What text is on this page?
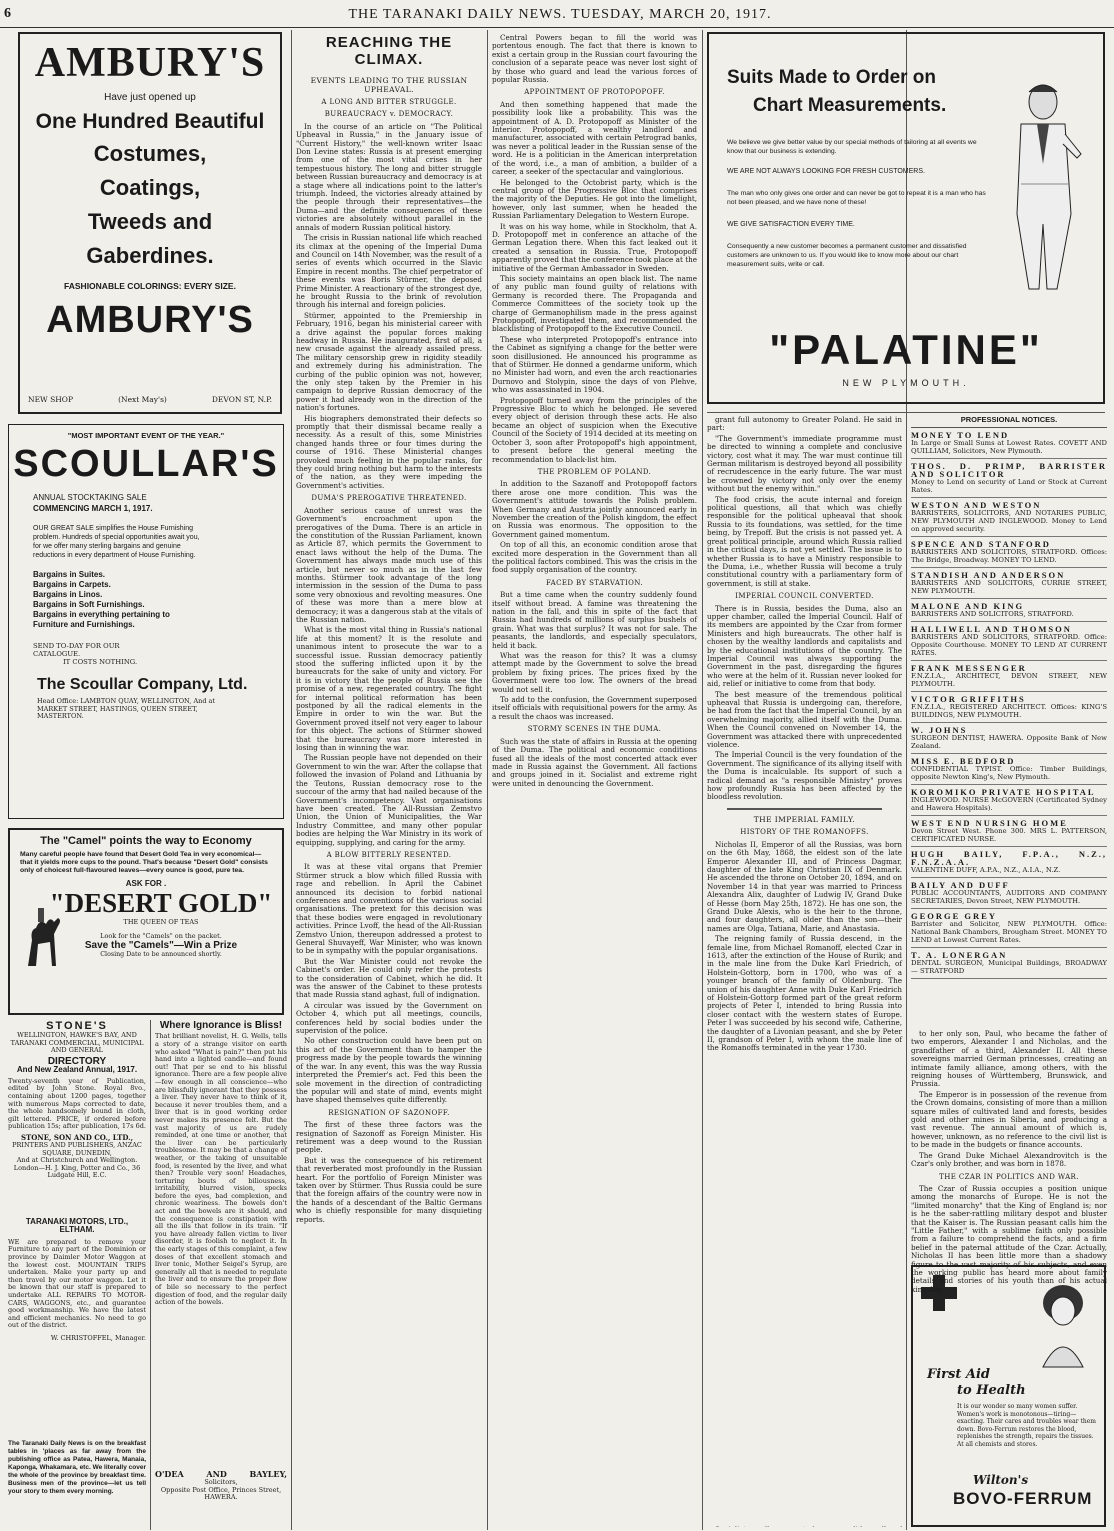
6	THE TARANAKI DAILY NEWS. TUESDAY, MARCH 20, 1917.
AMBURY'S
Have just opened up
One Hundred Beautiful
Costumes,
Coatings,
Tweeds and
Gaberdines.
FASHIONABLE COLORINGS: EVERY SIZE.
AMBURY'S
NEW SHOP	(Next May's)	DEVON ST, N.P.
"MOST IMPORTANT EVENT OF THE YEAR."
SCOULLAR'S
ANNUAL STOCKTAKING SALE
COMMENCING MARCH 1, 1917.
OUR GREAT SALE simplifies the House Furnishing problem. Hundreds of special opportunities await you, for we offer many sterling bargains and genuine reductions in every department of House Furnishing.
Bargains in Suites.
Bargains in Carpets.
Bargains in Linos.
Bargains in Soft Furnishings.
Bargains in everything pertaining to Furniture and Furnishings.
SEND TO-DAY FOR OUR CATALOGUE.
IT COSTS NOTHING.
The Scoullar Company, Ltd.
Head Office: LAMBTON QUAY, WELLINGTON, And at MARKET STREET, HASTINGS, QUEEN STREET, MASTERTON.
The "Camel" points the way to Economy
Many careful people have found that Desert Gold Tea in very economical—that it yields more cups to the pound. That's because "Desert Gold" consists only of choicest full-flavoured leaves—every ounce is good, pure tea.
ASK FOR .
"DESERT GOLD"
THE QUEEN OF TEAS
Look for the "Camels" on the packet.
Save the "Camels"—Win a Prize
Closing Date to be announced shortly.
STONE'S
WELLINGTON, HAWKE'S BAY, AND TARANAKI COMMERCIAL, MUNICIPAL AND GENERAL
DIRECTORY
And New Zealand Annual, 1917.
Twenty-seventh year of Publication, edited by John Stone. Royal 8vo., containing about 1200 pages, together with numerous Maps corrected to date, the whole handsomely bound in cloth, gilt lettered. PRICE, if ordered before publication 15s; after publication, 17s 6d.
STONE, SON AND CO., LTD.,
PRINTERS AND PUBLISHERS, ANZAC SQUARE, DUNEDIN,
And at Christchurch and Wellington. London—H. J. King, Potter and Co., 36 Ludgate Hill, E.C.
TARANAKI MOTORS, LTD.,
ELTHAM.
WE are prepared to remove your Furniture to any part of the Dominion or province by Daimler Motor Waggon at the lowest cost. MOUNTAIN TRIPS undertaken. Make your party up and then travel by our motor waggon. Let it be known that our staff is prepared to undertake ALL REPAIRS TO MOTOR-CARS, WAGGONS, etc., and guarantee good workmanship. We have the latest and efficient mechanics. No need to go out of the district.
W. CHRISTOFFEL, Manager.
The Taranaki Daily News is on the breakfast tables in 'places as far away from the publishing office as Patea, Hawera, Manaia, Kaponga, Whakamara, etc. We literally cover the whole of the province by breakfast time. Business men of the province—let us tell your story to them every morning.
Where Ignorance is Bliss!
That brilliant novelist, H. G. Wells, tells a story of a strange visitor on earth who asked "What is pain?" then put his hand into a lighted candle—and found out! That per se end to his blissful ignorance. There are a few people alive—few enough in all conscience—who are blissfully ignorant that they possess a liver. They never have to think of it, because it never troubles them, and a liver that is in good working order never makes its presence felt. But the vast majority of us are rudely reminded, at one time or another, that the liver can be particularly troublesome. It may be that a change of weather, or the taking of unsuitable food, is resented by the liver, and what then? Trouble very soon! Headaches, torturing bouts of biliousness, irritability, blurred vision, specks before the eyes, bad complexion, and chronic weariness. The bowels don't act and the bowels are it should, and the consequence is constipation with all the ills that follow in its train. "If you have already fallen victim to liver disorder, it is foolish to neglect it. In the early stages of this complaint, a few doses of that excellent stomach and liver tonic, Mother Seigel's Syrup, are generally all that is needed to regulate the liver and to ensure the proper flow of bile so necessary to the perfect digestion of food, and the regular daily action of the bowels.
O'DEA	AND	BAYLEY,
Solicitors,
Opposite Post Office, Princes Street, HAWERA.
REACHING THE
CLIMAX.
EVENTS LEADING TO THE RUSSIAN UPHEAVAL.
A LONG AND BITTER STRUGGLE.
BUREAUCRACY v. DEMOCRACY.

In the course of an article on "The Political Upheaval in Russia," in the January issue of "Current History," the well-known writer Isaac Don Levine states: Russia is at present emerging from one of the most vital crises in her tempestuous history. The long and bitter struggle between Russian bureaucracy and democracy is at a stage where all indications point to the latter's triumph. Indeed, the victories already attained by the people through their representatives—the Duma—and the definite consequences of these victories are absolutely without parallel in the annals of modern Russian political history.

The crisis in Russian national life which reached its climax at the opening of the Imperial Duma and Council on 14th November, was the result of a series of events which occurred in the Slavic Empire in recent months. The chief perpetrator of these events was Boris Stürmer, the deposed Prime Minister. A reactionary of the strongest dye, he brought Russia to the brink of revolution through his internal and foreign policies.

Stürmer, appointed to the Premiership in February, 1916, began his ministerial career with a drive against the popular forces making headway in Russia. He inaugurated, first of all, a new crusade against the already assailed press. The military censorship grew in rigidity steadily and extremely during his administration. The curbing of the public opinion was not, however, the only step taken by the Premier in his campaign to deprive Russian democracy of the power it had already won in the direction of the nation's fortunes.

His biographers demonstrated their defects so promptly that their dismissal became really a necessity. As a result of this, some Ministries changed hands three or four times during the course of 1916. These Ministerial changes provoked much feeling in the popular ranks, for they could bring nothing but harm to the interests of the nation, as they were impeding the Government's activities.

DUMA'S PREROGATIVE THREATENED.

Another serious cause of unrest was the Government's encroachment upon the prerogatives of the Duma. There is an article in the constitution of the Russian Parliament, known as Article 87, which permits the Government to enact laws without the help of the Duma. The Government has always made much use of this article, but never so much as in the last few months. Stürmer took advantage of the long intermission in the session of the Duma to pass some very obnoxious and revolting measures. One of these was more than a mere blow at democracy; it was a dangerous stab at the vitals of the Russian nation.

What is the most vital thing in Russia's national life at this moment? It is the resolute and unanimous intent to prosecute the war to a successful issue. Russian democracy patiently stood the suffering inflicted upon it by the bureaucrats for the sake of unity and victory. For it is in victory that the people of Russia see the promise of a new, regenerated country. The fight for internal political reformation has been postponed by all the radical elements in the Empire in order to win the war. But the Government proved itself not very eager to labour for this object. The actions of Stürmer showed that the bureaucracy was more interested in losing than in winning the war.

The Russian people have not depended on their Government to win the war. After the collapse that followed the invasion of Poland and Lithuania by the Teutons, Russian democracy rose to the succour of the army that had nailed because of the Government's incompetency. Vast organisations have been created. The All-Russian Zemstvo Union, the Union of Municipalities, the War Industry Committee, and many other popular bodies are helping the War Ministry in its work of equipping, supplying, and caring for the army.

A BLOW BITTERLY RESENTED.

It was at these vital organs that Premier Stürmer struck a blow which filled Russia with rage and rebellion. In April the Cabinet announced its decision to forbid national conferences and conventions of the various social organisations. The pretext for this decision was that these bodies were engaged in revolutionary activities. Prince Lvoff, the head of the All-Russian Zemstvo Union, thereupon addressed a protest to General Shuvayeff, War Minister, who was known to be in sympathy with the popular organisations.

But the War Minister could not revoke the Cabinet's order. He could only refer the protests to the consideration of Cabinet, which he did. It was the answer of the Cabinet to these protests that made Russia stand aghast, full of indignation.

A circular was issued by the Government on October 4, which put all meetings, councils, conferences held by social bodies under the supervision of the police.

No other construction could have been put on this act of the Government than to hamper the progress made by the people towards the winning of the war. In any event, this was the way Russia interpreted the Premier's act. Fed this been the sole movement in the direction of contradicting the popular will and state of mind, events might have shaped themselves quite differently.

RESIGNATION OF SAZONOFF.

The first of these three factors was the resignation of Sazonoff as Foreign Minister. His retirement was a deep wound to the Russian people.

But it was the consequence of his retirement that reverberated most profoundly in the Russian heart. For the portfolio of Foreign Minister was taken over by Stürmer. Thus Russia could be sure that the foreign affairs of the country were now in the hands of a descendant of the Baltic Germans who is chiefly responsible for many disquieting reports.

Central Powers began to fill the world was portentous enough. The fact that there is known to exist a certain group in the Russian court favouring the conclusion of a separate peace was never lost sight of by those who guard and lead the various forces of popular Russia.

APPOINTMENT OF PROTOPOPOFF.

And then something happened that made the possibility look like a probability. This was the appointment of A. D. Protopopoff as Minister of the Interior. Protopopoff, a wealthy landlord and manufacturer, associated with certain Petrograd banks, was never a political leader in the Russian sense of the word. He is a politician in the American interpretation of the word, i.e., a man of ambition, a builder of a career, a seeker of the spectacular and vainglorious.

He belonged to the Octobrist party, which is the central group of the Progressive Bloc that comprises the majority of the Deputies. He got into the limelight, however, only last summer, when he headed the Russian Parliamentary Delegation to Western Europe.

It was on his way home, while in Stockholm, that A. D. Protopopoff met in conference an attache of the German Legation there. When this fact leaked out it created a sensation in Russia. True, Protopopoff apparently proved that the conference took place at the initiative of the German Ambassador in Sweden.

This society maintains an open black list. The name of any public man found guilty of relations with Germany is recorded there. The Propaganda and Commerce Committees of the society took up the charge of Germanophilism made in the press against Protopopoff, investigated them, and recommended the blacklisting of Protopopoff to the Executive Council.

These who interpreted Protopopoff's entrance into the Cabinet as signifying a change for the better were soon disillusioned. He announced his programme as that of Stürmer. He donned a gendarme uniform, which no Minister had worn, and even the arch reactionaries Durnovo and Stolypin, since the days of von Plehve, who was assassinated in 1904.

Protopopoff turned away from the principles of the Progressive Bloc to which he belonged. He severed every object of derision through these acts. He also became an object of suspicion when the Executive Council of the Society of 1914 decided at its meeting on October 3, soon after Protopopoff's high appointment, to present before the general meeting the recommendation to black-list him.

THE PROBLEM OF POLAND.

In addition to the Sazanoff and Protopopoff factors there arose one more condition. This was the Government's attitude towards the Polish problem. When Germany and Austria jointly announced early in November the creation of the Polish kingdom, the effect on Russia was enormous. The opposition to the Government gained momentum.

On top of all this, an economic condition arose that excited more desperation in the Government than all the political factors combined. This was the crisis in the food supply organisation of the country.

FACED BY STARVATION.

But a time came when the country suddenly found itself without bread. A famine was threatening the nation in the fall, and this in spite of the fact that Russia had hundreds of millions of surplus bushels of grain. What was that surplus? It was not for sale. The peasants, the landlords, and especially speculators, held it back.

What was the reason for this? It was a clumsy attempt made by the Government to solve the bread problem by fixing prices. The prices fixed by the Government were too low. The owners of the bread would not sell it.

To add to the confusion, the Government superposed itself officials with requisitional powers for the army. As a result the chaos was increased.

STORMY SCENES IN THE DUMA.

Such was the state of affairs in Russia at the opening of the Duma. The political and economic conditions fused all the ideals of the most concerted attack ever made in Russia against the Government. All factions and groups joined in it. Socialist and extreme right were united in denouncing the Government.

Suits Made to Order on
Chart Measurements.
We believe we give better value by our special methods of tailoring at all events we know that our business is extending.
WE ARE NOT ALWAYS LOOKING FOR FRESH CUSTOMERS.
The man who only gives one order and can never be got to repeat it is a man who has not been pleased, and we have none of these!
WE GIVE SATISFACTION EVERY TIME.
Consequently a new customer becomes a permanent customer and dissatisfied customers are unknown to us. If you would like to know more about our chart measurement suits, write or call.
"PALATINE"
NEW PLYMOUTH.

grant full autonomy to Greater Poland. He said in part:

"The Government's immediate programme must be directed to winning a complete and conclusive victory, cost what it may. The war must continue till German militarism is destroyed beyond all possibility of recrudescence in the early future. The war must be crowned by victory not only over the enemy without but the enemy within."

The food crisis, the acute internal and foreign political questions, all that which was chiefly responsible for the political upheaval that shook Russia to its foundations, was settled, for the time being, by Trepoff. But the crisis is not passed yet. A great political principle, around which Russia rallied in the critical days, is not yet settled. The issue is to whether Russia is to have a Ministry responsible to the Duma, i.e., whether Russia will become a truly constitutional country with a parliamentary form of government, is still at stake.

IMPERIAL COUNCIL CONVERTED.

There is in Russia, besides the Duma, also an upper chamber, called the Imperial Council. Half of its members are appointed by the Czar from former Ministers and high bureaucrats. The other half is chosen by the wealthy landlords and capitalists and by the educational institutions of the country. The Imperial Council was always supporting the Government in the past, disregarding the figures who were at the helm of it. Russian never looked for aid, relief or initiative to come from that body.

The best measure of the tremendous political upheaval that Russia is undergoing can, therefore, be had from the fact that the Imperial Council, by an overwhelming majority, allied itself with the Duma. When the Council convened on November 14, the Government was attacked there with unprecedented violence.

The Imperial Council is the very foundation of the Government. The significance of its allying itself with the Duma is incalculable. Its support of such a radical demand as "a responsible Ministry" proves how profoundly Russia has been affected by the bloodless revolution.

THE IMPERIAL FAMILY.
HISTORY OF THE ROMANOFFS.

Nicholas II, Emperor of all the Russias, was born on the 6th May, 1868, the eldest son of the late Emperor Alexander III, and of Princess Dagmar, daughter of the late King Christian IX of Denmark. He ascended the throne on October 20, 1894, and on November 14 in that year was married to Princess Alexandra Alix, daughter of Ludwig IV, Grand Duke of Hesse (born May 25th, 1872). He has one son, the Grand Duke Alexis, who is the heir to the throne, and four daughters, all older than the son—their names are Olga, Tatiana, Marie, and Anastasia.

The reigning family of Russia descend, in the female line, from Michael Romanoff, elected Czar in 1613, after the extinction of the House of Rurik; and in the male line from the Duke Karl Friedrich, of Holstein-Gottorp, born in 1700, who was of a younger branch of the family of Oldenburg. The union of his daughter Anne with Duke Karl Friedrich of Holstein-Gottorp formed part of the great reform projects of Peter I, intended to bring Russia into closer contact with the western states of Europe. Peter I was succeeded by his second wife, Catherine, the daughter of a Livonian peasant, and she by Peter II, grandson of Peter I, with whom the male line of the Romanoffs terminated in the year 1730.

PROFESSIONAL NOTICES.
MONEY TO LEND
In Large or Small Sums at Lowest Rates. COVETT AND QUILLIAM, Solicitors, New Plymouth.
THOS. D. PRIMP, BARRISTER AND SOLICITOR
Money to Lend on security of Land or Stock at Current Rates.
WESTON AND WESTON
BARRISTERS, SOLICITORS, AND NOTARIES PUBLIC, NEW PLYMOUTH AND INGLEWOOD. Money to Lend on approved security.
SPENCE AND STANFORD
BARRISTERS AND SOLICITORS, STRATFORD. Offices: The Bridge, Broadway. MONEY TO LEND.
STANDISH AND ANDERSON
BARRISTERS AND SOLICITORS, CURRIE STREET, NEW PLYMOUTH.
MALONE AND KING
BARRISTERS AND SOLICITORS, STRATFORD.
HALLIWELL AND THOMSON
BARRISTERS AND SOLICITORS, STRATFORD. Office: Opposite Courthouse. MONEY TO LEND AT CURRENT RATES.
FRANK MESSENGER
F.N.Z.I.A., ARCHITECT, DEVON STREET, NEW PLYMOUTH.
VICTOR GRIFFITHS
F.N.Z.I.A., REGISTERED ARCHITECT. Offices: KING'S BUILDINGS, NEW PLYMOUTH.
W. JOHNS
SURGEON DENTIST, HAWERA. Opposite Bank of New Zealand.
MISS E. BEDFORD
CONFIDENTIAL TYPIST. Office: Timber Buildings, opposite Newton King's, New Plymouth.
KOROMIKO PRIVATE HOSPITAL
INGLEWOOD. NURSE McGOVERN (Certificated Sydney and Hawera Hospitals).
WEST END NURSING HOME
Devon Street West. Phone 300. MRS L. PATTERSON, CERTIFICATED NURSE.
HUGH BAILY, F.P.A., N.Z., F.N.Z.A.A.
VALENTINE DUFF, A.P.A., N.Z., A.I.A., N.Z.
BAILY AND DUFF
PUBLIC ACCOUNTANTS, AUDITORS AND COMPANY SECRETARIES, Devon Street, NEW PLYMOUTH.
GEORGE GREY
Barrister and Solicitor, NEW PLYMOUTH. Office: National Bank Chambers, Brougham Street. MONEY TO LEND at Lowest Current Rates.
T. A. LONERGAN
DENTAL SURGEON, Municipal Buildings, BROADWAY — STRATFORD
First Aid
to Health
It is our wonder so many women suffer. Women's work is monotonous—tiring—exacting. Their cares and troubles wear them down. Bovo-Ferrum restores the blood, replenishes the strength, repairs the tissues. At all chemists and stores.
Wilton's
BOVO-FERRUM

to her only son, Paul, who became the father of two emperors, Alexander I and Nicholas, and the grandfather of a third, Alexander II. All these sovereigns married German princesses, creating an intimate family alliance, among others, with the reigning houses of Württemberg, Brunswick, and Prussia.

The Emperor is in possession of the revenue from the Crown domains, consisting of more than a million square miles of cultivated land and forests, besides gold and other mines in Siberia, and producing a vast revenue. The annual amount of which is, however, unknown, as no reference to the civil list is to be made in the budgets or finance accounts.

The Grand Duke Michael Alexandrovitch is the Czar's only brother, and was born in 1878.

THE CZAR IN POLITICS AND WAR.

The Czar of Russia occupies a position unique among the monarchs of Europe. He is not the "limited monarchy" that the King of England is; nor is he the saber-rattling military despot and bluster that the Kaiser is. The Russian peasant calls him the "Little Father," with a sublime faith only possible from a failure to comprehend the facts, and a firm belief in the paternal attitude of the Czar. Actually, Nicholas II has been little more than a shadowy figure to the vast majority of his subjects, and even the working public has heard more about family details and stories of his youth than of his actual kingship.
